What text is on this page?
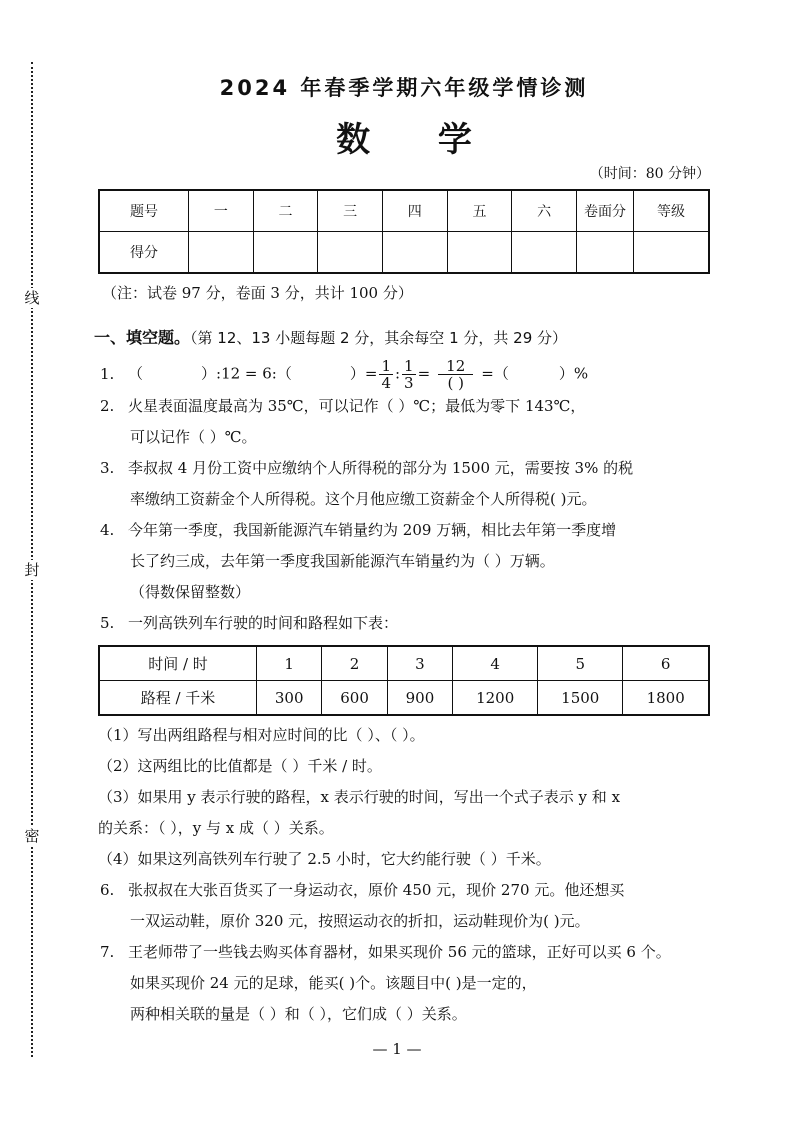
线
封
密
2024 年春季学期六年级学情诊测
数 学
（时间：80 分钟）
题号	一	二	三	四	五	六	卷面分	等级
得分								
（注：试卷 97 分，卷面 3 分，共计 100 分）
一、填空题。（第 12、13 小题每题 2 分，其余每空 1 分，共 29 分）
1. （	）:12 = 6:（	）= $\frac{1}{4}$ : $\frac{1}{3} = \frac{12}{( )}$ =（	）%
2. 火星表面温度最高为 35℃，可以记作（ ）℃；最低为零下 143℃，
可以记作（ ）℃。
3. 李叔叔 4 月份工资中应缴纳个人所得税的部分为 1500 元，需要按 3% 的税
率缴纳工资薪金个人所得税。这个月他应缴工资薪金个人所得税( )元。
4. 今年第一季度，我国新能源汽车销量约为 209 万辆，相比去年第一季度增
长了约三成，去年第一季度我国新能源汽车销量约为（ ）万辆。
（得数保留整数）
5. 一列高铁列车行驶的时间和路程如下表：
时间 / 时	1	2	3	4	5	6
路程 / 千米	300	600	900	1200	1500	1800
（1）写出两组路程与相对应时间的比（ ）、（ ）。
（2）这两组比的比值都是（ ）千米 / 时。
（3）如果用 y 表示行驶的路程，x 表示行驶的时间，写出一个式子表示 y 和 x
的关系：（ ），y 与 x 成（ ）关系。
（4）如果这列高铁列车行驶了 2.5 小时，它大约能行驶（ ）千米。
6. 张叔叔在大张百货买了一身运动衣，原价 450 元，现价 270 元。他还想买
一双运动鞋，原价 320 元，按照运动衣的折扣，运动鞋现价为( )元。
7. 王老师带了一些钱去购买体育器材，如果买现价 56 元的篮球，正好可以买 6 个。
如果买现价 24 元的足球，能买( )个。该题目中( )是一定的，
两种相关联的量是（ ）和（ ），它们成（ ）关系。
— 1 —
